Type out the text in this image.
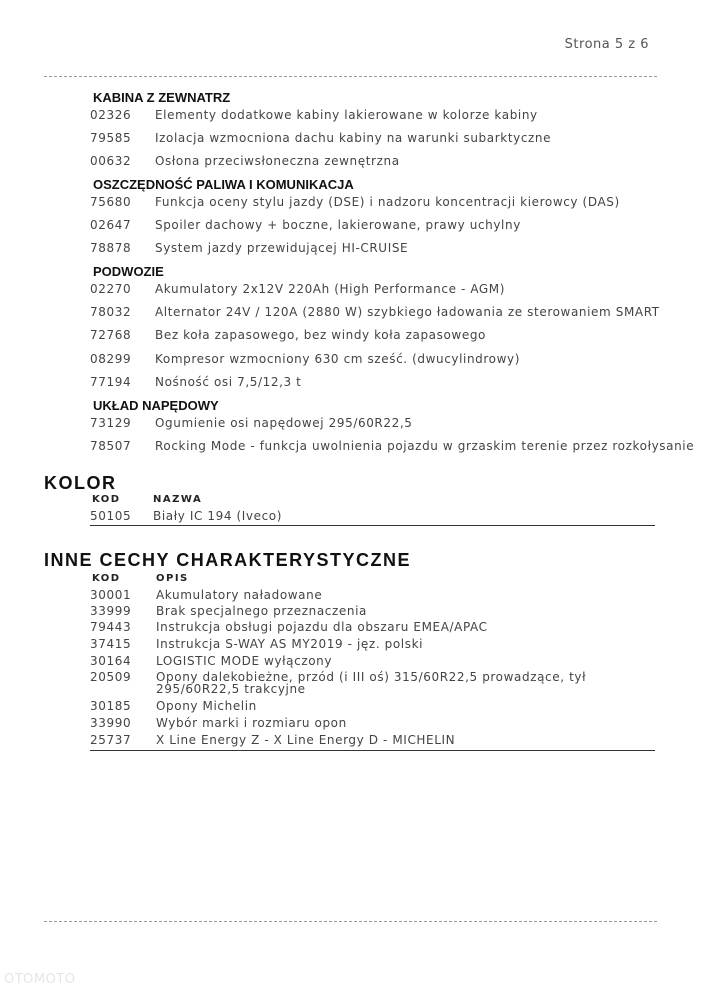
Strona 5 z 6
KABINA Z ZEWNATRZ
02326 Elementy dodatkowe kabiny lakierowane w kolorze kabiny
79585 Izolacja wzmocniona dachu kabiny na warunki subarktyczne
00632 Osłona przeciwsłoneczna zewnętrzna
OSZCZĘDNOŚĆ PALIWA I KOMUNIKACJA
75680 Funkcja oceny stylu jazdy (DSE) i nadzoru koncentracji kierowcy (DAS)
02647 Spoiler dachowy + boczne, lakierowane, prawy uchylny
78878 System jazdy przewidującej HI-CRUISE
PODWOZIE
02270 Akumulatory 2x12V 220Ah (High Performance - AGM)
78032 Alternator 24V / 120A (2880 W) szybkiego ładowania ze sterowaniem SMART
72768 Bez koła zapasowego, bez windy koła zapasowego
08299 Kompresor wzmocniony 630 cm sześć. (dwucylindrowy)
77194 Nośność osi 7,5/12,3 t
UKŁAD NAPĘDOWY
73129 Ogumienie osi napędowej 295/60R22,5
78507 Rocking Mode - funkcja uwolnienia pojazdu w grzaskim terenie przez rozkołysanie
KOLOR
KOD	NAZWA
50105 Biały IC 194 (Iveco)
INNE CECHY CHARAKTERYSTYCZNE
KOD	OPIS
30001 Akumulatory naładowane
33999 Brak specjalnego przeznaczenia
79443 Instrukcja obsługi pojazdu dla obszaru EMEA/APAC
37415 Instrukcja S-WAY AS MY2019 - jęz. polski
30164 LOGISTIC MODE wyłączony
20509 Opony dalekobieżne, przód (i III oś) 315/60R22,5 prowadzące, tył 295/60R22,5 trakcyjne
30185 Opony Michelin
33990 Wybór marki i rozmiaru opon
25737 X Line Energy Z - X Line Energy D - MICHELIN
OTOMOTO
